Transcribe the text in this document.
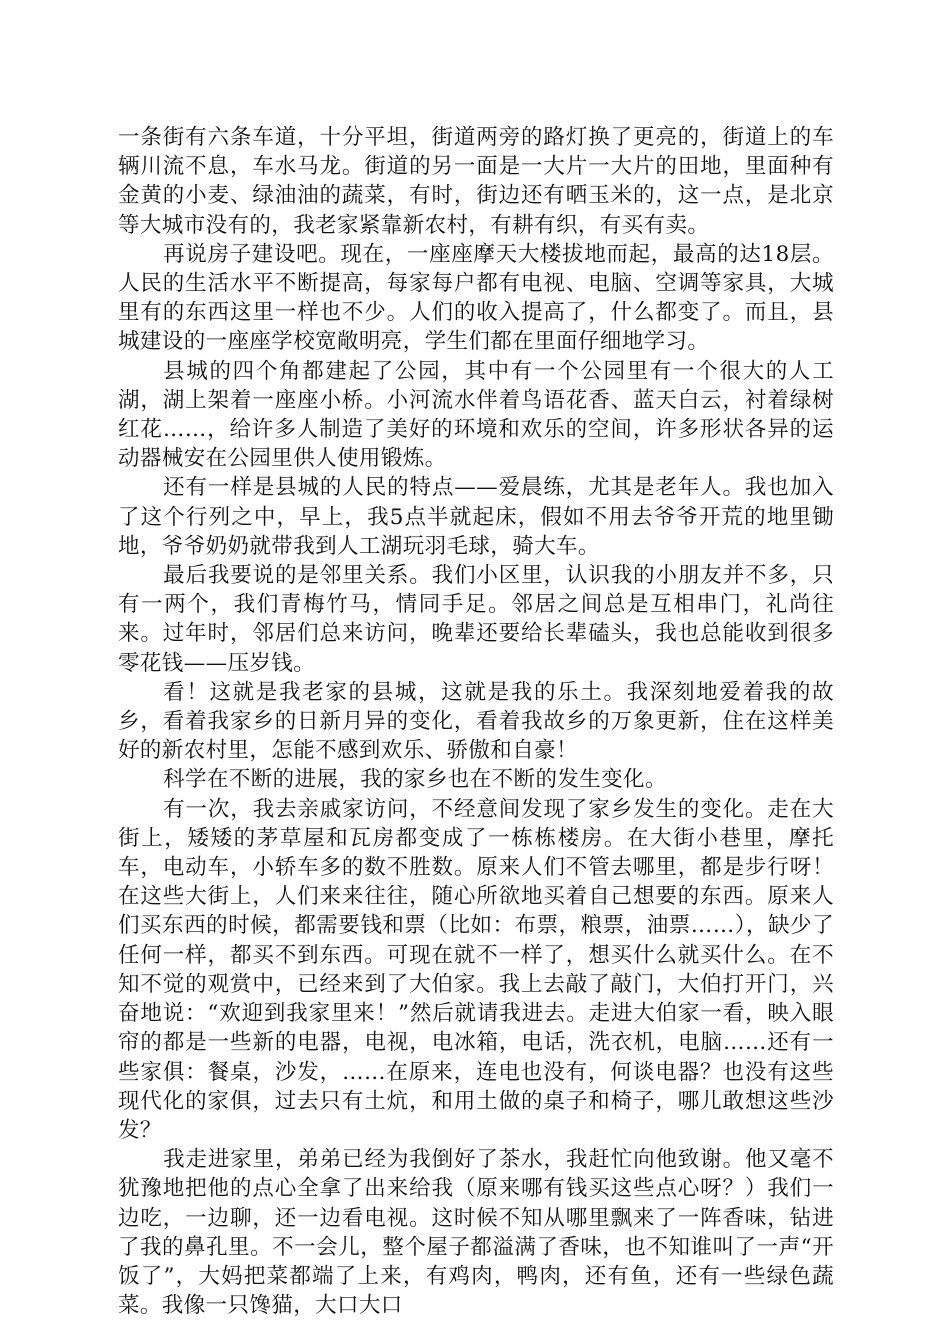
一条街有六条车道，十分平坦，街道两旁的路灯换了更亮的，街道上的车辆川流不息，车水马龙。街道的另一面是一大片一大片的田地，里面种有金黄的小麦、绿油油的蔬菜，有时，街边还有晒玉米的，这一点，是北京等大城市没有的，我老家紧靠新农村，有耕有织，有买有卖。

再说房子建设吧。现在，一座座摩天大楼拔地而起，最高的达18层。人民的生活水平不断提高，每家每户都有电视、电脑、空调等家具，大城里有的东西这里一样也不少。人们的收入提高了，什么都变了。而且，县城建设的一座座学校宽敞明亮，学生们都在里面仔细地学习。

县城的四个角都建起了公园，其中有一个公园里有一个很大的人工湖，湖上架着一座座小桥。小河流水伴着鸟语花香、蓝天白云，衬着绿树红花……，给许多人制造了美好的环境和欢乐的空间，许多形状各异的运动器械安在公园里供人使用锻炼。

还有一样是县城的人民的特点——爱晨练，尤其是老年人。我也加入了这个行列之中，早上，我5点半就起床，假如不用去爷爷开荒的地里锄地，爷爷奶奶就带我到人工湖玩羽毛球，骑大车。

最后我要说的是邻里关系。我们小区里，认识我的小朋友并不多，只有一两个，我们青梅竹马，情同手足。邻居之间总是互相串门，礼尚往来。过年时，邻居们总来访问，晚辈还要给长辈磕头，我也总能收到很多零花钱——压岁钱。

看！这就是我老家的县城，这就是我的乐土。我深刻地爱着我的故乡，看着我家乡的日新月异的变化，看着我故乡的万象更新，住在这样美好的新农村里，怎能不感到欢乐、骄傲和自豪！

科学在不断的进展，我的家乡也在不断的发生变化。

有一次，我去亲戚家访问，不经意间发现了家乡发生的变化。走在大街上，矮矮的茅草屋和瓦房都变成了一栋栋楼房。在大街小巷里，摩托车，电动车，小轿车多的数不胜数。原来人们不管去哪里，都是步行呀！在这些大街上，人们来来往往，随心所欲地买着自己想要的东西。原来人们买东西的时候，都需要钱和票（比如：布票，粮票，油票……），缺少了任何一样，都买不到东西。可现在就不一样了，想买什么就买什么。在不知不觉的观赏中，已经来到了大伯家。我上去敲了敲门，大伯打开门，兴奋地说：“欢迎到我家里来！”然后就请我进去。走进大伯家一看，映入眼帘的都是一些新的电器，电视，电冰箱，电话，洗衣机，电脑……还有一些家俱：餐桌，沙发，……在原来，连电也没有，何谈电器？也没有这些现代化的家俱，过去只有土炕，和用土做的桌子和椅子，哪儿敢想这些沙发？

我走进家里，弟弟已经为我倒好了茶水，我赶忙向他致谢。他又毫不犹豫地把他的点心全拿了出来给我（原来哪有钱买这些点心呀？）我们一边吃，一边聊，还一边看电视。这时候不知从哪里飘来了一阵香味，钻进了我的鼻孔里。不一会儿，整个屋子都溢满了香味，也不知谁叫了一声“开饭了”，大妈把菜都端了上来，有鸡肉，鸭肉，还有鱼，还有一些绿色蔬菜。我像一只馋猫，大口大口
